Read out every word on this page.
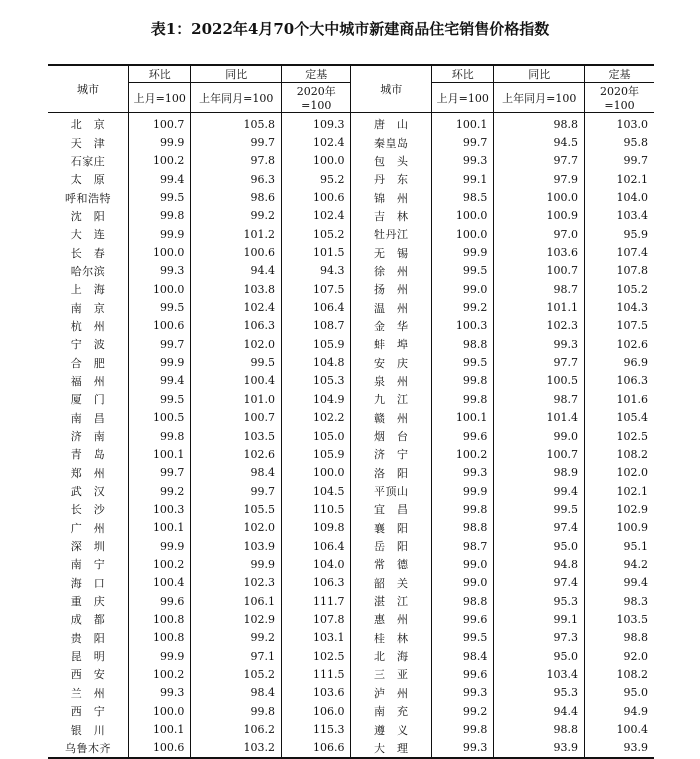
表1：2022年4月70个大中城市新建商品住宅销售价格指数
城市	环比	同比	定基	城市	环比	同比	定基
	上月=100	上年同月=100	2020年=100		上月=100	上年同月=100	2020年=100
北　京	100.7	105.8	109.3	唐　山	100.1	98.8	103.0
天　津	99.9	99.7	102.4	秦皇岛	99.7	94.5	95.8
石家庄	100.2	97.8	100.0	包　头	99.3	97.7	99.7
太　原	99.4	96.3	95.2	丹　东	99.1	97.9	102.1
呼和浩特	99.5	98.6	100.6	锦　州	98.5	100.0	104.0
沈　阳	99.8	99.2	102.4	吉　林	100.0	100.9	103.4
大　连	99.9	101.2	105.2	牡丹江	100.0	97.0	95.9
长　春	100.0	100.6	101.5	无　锡	99.9	103.6	107.4
哈尔滨	99.3	94.4	94.3	徐　州	99.5	100.7	107.8
上　海	100.0	103.8	107.5	扬　州	99.0	98.7	105.2
南　京	99.5	102.4	106.4	温　州	99.2	101.1	104.3
杭　州	100.6	106.3	108.7	金　华	100.3	102.3	107.5
宁　波	99.7	102.0	105.9	蚌　埠	98.8	99.3	102.6
合　肥	99.9	99.5	104.8	安　庆	99.5	97.7	96.9
福　州	99.4	100.4	105.3	泉　州	99.8	100.5	106.3
厦　门	99.5	101.0	104.9	九　江	99.8	98.7	101.6
南　昌	100.5	100.7	102.2	赣　州	100.1	101.4	105.4
济　南	99.8	103.5	105.0	烟　台	99.6	99.0	102.5
青　岛	100.1	102.6	105.9	济　宁	100.2	100.7	108.2
郑　州	99.7	98.4	100.0	洛　阳	99.3	98.9	102.0
武　汉	99.2	99.7	104.5	平顶山	99.9	99.4	102.1
长　沙	100.3	105.5	110.5	宜　昌	99.8	99.5	102.9
广　州	100.1	102.0	109.8	襄　阳	98.8	97.4	100.9
深　圳	99.9	103.9	106.4	岳　阳	98.7	95.0	95.1
南　宁	100.2	99.9	104.0	常　德	99.0	94.8	94.2
海　口	100.4	102.3	106.3	韶　关	99.0	97.4	99.4
重　庆	99.6	106.1	111.7	湛　江	98.8	95.3	98.3
成　都	100.8	102.9	107.8	惠　州	99.6	99.1	103.5
贵　阳	100.8	99.2	103.1	桂　林	99.5	97.3	98.8
昆　明	99.9	97.1	102.5	北　海	98.4	95.0	92.0
西　安	100.2	105.2	111.5	三　亚	99.6	103.4	108.2
兰　州	99.3	98.4	103.6	泸　州	99.3	95.3	95.0
西　宁	100.0	99.8	106.0	南　充	99.2	94.4	94.9
银　川	100.1	106.2	115.3	遵　义	99.8	98.8	100.4
乌鲁木齐	100.6	103.2	106.6	大　理	99.3	93.9	93.9
